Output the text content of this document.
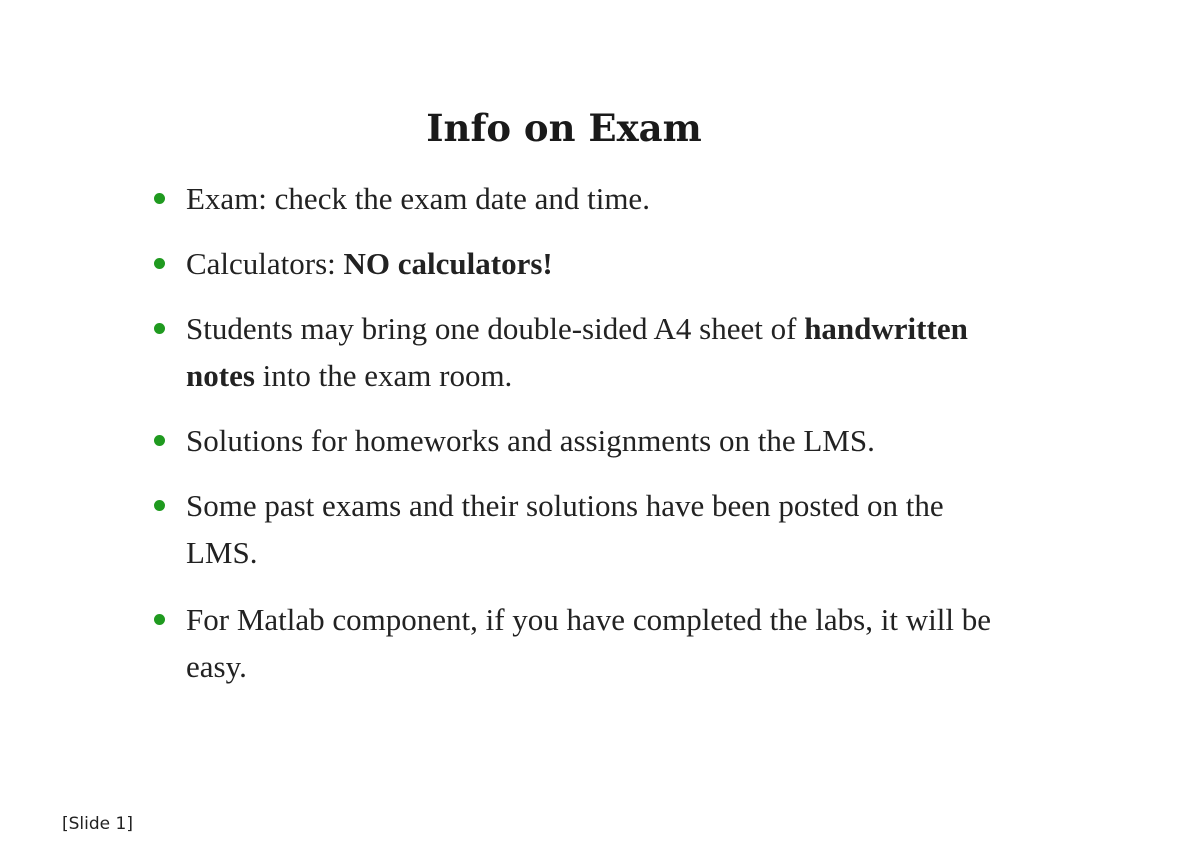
Info on Exam
Exam: check the exam date and time.
Calculators: NO calculators!
Students may bring one double-sided A4 sheet of handwritten notes into the exam room.
Solutions for homeworks and assignments on the LMS.
Some past exams and their solutions have been posted on the LMS.
For Matlab component, if you have completed the labs, it will be easy.
[Slide 1]
